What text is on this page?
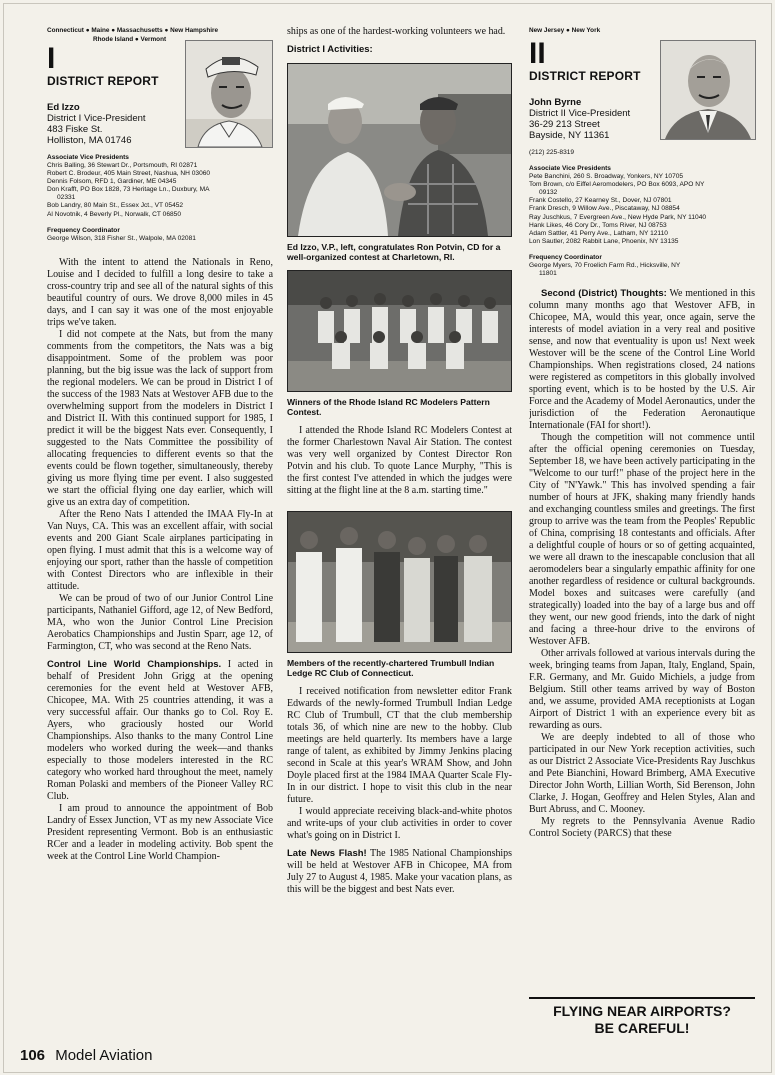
Connecticut ● Maine ● Massachusetts ● New Hampshire
Rhode Island ● Vermont
I
DISTRICT REPORT
Ed Izzo
District I Vice-President
483 Fiske St.
Holliston, MA 01746
Associate Vice Presidents
Chris Balling, 36 Stewart Dr., Portsmouth, RI 02871
Robert C. Brodeur, 405 Main Street, Nashua, NH 03060
Dennis Folsom, RFD 1, Gardiner, ME 04345
Don Krafft, PO Box 1828, 73 Heritage Ln., Duxbury, MA
02331
Bob Landry, 80 Main St., Essex Jct., VT 05452
Al Novotnik, 4 Beverly Pl., Norwalk, CT 06850
Frequency Coordinator
George Wilson, 318 Fisher St., Walpole, MA 02081

With the intent to attend the Nationals in Reno, Louise and I decided to fulfill a long desire to take a cross-country trip and see all of the natural sights of this beautiful country of ours. We drove 8,000 miles in 45 days, and I can say it was one of the most enjoyable trips we've taken.

I did not compete at the Nats, but from the many comments from the competitors, the Nats was a big disappointment. Some of the problem was poor planning, but the big issue was the lack of support from the regional modelers. We can be proud in District I of the success of the 1983 Nats at Westover AFB due to the overwhelming support from the modelers in District I and District II. With this continued support for 1985, I predict it will be the biggest Nats ever. Consequently, I suggested to the Nats Committee the possibility of allocating frequencies to different events so that the events could be flown together, simultaneously, thereby giving us more flying time per event. I also suggested we start the official flying one day earlier, which will give us an extra day of competition.

After the Reno Nats I attended the IMAA Fly-In at Van Nuys, CA. This was an excellent affair, with social events and 200 Giant Scale airplanes participating in open flying. I must admit that this is a welcome way of enjoying our sport, rather than the hassle of competition with Contest Directors who are inflexible in their attitude.

We can be proud of two of our Junior Control Line participants, Nathaniel Gifford, age 12, of New Bedford, MA, who won the Junior Control Line Precision Aerobatics Championships and Justin Sparr, age 12, of Farmington, CT, who was second at the Reno Nats.

Control Line World Championships. I acted in behalf of President John Grigg at the opening ceremonies for the event held at Westover AFB, Chicopee, MA. With 25 countries attending, it was a very successful affair. Our thanks go to Col. Roy E. Ayers, who graciously hosted our World Championships. Also thanks to the many Control Line modelers who worked during the week—and thanks especially to those modelers interested in the RC category who worked hard throughout the meet, namely Roman Polaski and members of the Pioneer Valley RC Club.

I am proud to announce the appointment of Bob Landry of Essex Junction, VT as my new Associate Vice President representing Vermont. Bob is an enthusiastic RCer and a leader in modeling activity. Bob spent the week at the Control Line World Champion-

ships as one of the hardest-working volunteers we had.

District I Activities:
Ed Izzo, V.P., left, congratulates Ron Potvin, CD for a well-organized contest at Charletown, RI.
Winners of the Rhode Island RC Modelers Pattern Contest.

I attended the Rhode Island RC Modelers Contest at the former Charlestown Naval Air Station. The contest was very well organized by Contest Director Ron Potvin and his club. To quote Lance Murphy, "This is the first contest I've attended in which the judges were sitting at the flight line at the 8 a.m. starting time."

Members of the recently-chartered Trumbull Indian Ledge RC Club of Connecticut.

I received notification from newsletter editor Frank Edwards of the newly-formed Trumbull Indian Ledge RC Club of Trumbull, CT that the club membership totals 36, of which nine are new to the hobby. Club meetings are held quarterly. Its members have a large range of talent, as exhibited by Jimmy Jenkins placing second in Scale at this year's WRAM Show, and John Doyle placed first at the 1984 IMAA Quarter Scale Fly-In in our district. I hope to visit this club in the near future.

I would appreciate receiving black-and-white photos and write-ups of your club activities in order to cover what's going on in District I.

Late News Flash! The 1985 National Championships will be held at Westover AFB in Chicopee, MA from July 27 to August 4, 1985. Make your vacation plans, as this will be the biggest and best Nats ever.

New Jersey ● New York
II
DISTRICT REPORT
John Byrne
District II Vice-President
36-29 213 Street
Bayside, NY 11361
(212) 225-8319
Associate Vice Presidents
Pete Banchini, 260 S. Broadway, Yonkers, NY 10705
Tom Brown, c/o Eiffel Aeromodelers, PO Box 6093, APO NY
09132
Frank Costello, 27 Kearney St., Dover, NJ 07801
Frank Dresch, 9 Willow Ave., Piscataway, NJ 08854
Ray Juschkus, 7 Evergreen Ave., New Hyde Park, NY 11040
Hank Likes, 46 Cory Dr., Toms River, NJ 08753
Adam Sattler, 41 Perry Ave., Latham, NY 12110
Lon Sautler, 2082 Rabbit Lane, Phoenix, NY 13135
Frequency Coordinator
George Myers, 70 Froelich Farm Rd., Hicksville, NY
11801

Second (District) Thoughts: We mentioned in this column many months ago that Westover AFB, in Chicopee, MA, would this year, once again, serve the interests of model aviation in a very real and positive sense, and now that eventuality is upon us! Next week Westover will be the scene of the Control Line World Championships. When registrations closed, 24 nations were registered as competitors in this globally involved sporting event, which is to be hosted by the U.S. Air Force and the Academy of Model Aeronautics, under the jurisdiction of the Federation Aeronautique Internationale (FAI for short!).

Though the competition will not commence until after the official opening ceremonies on Tuesday, September 18, we have been actively participating in the "Welcome to our turf!" phase of the project here in the City of "N'Yawk." This has involved spending a fair number of hours at JFK, shaking many friendly hands and exchanging countless smiles and greetings. The first group to arrive was the team from the Peoples' Republic of China, comprising 18 contestants and officials. After a delightful couple of hours or so of getting acquainted, we were all drawn to the inescapable conclusion that all aeromodelers bear a singularly empathic affinity for one another regardless of residence or cultural backgrounds. Model boxes and suitcases were carefully (and strategically) loaded into the bay of a large bus and off they went, our new good friends, into the dark of night and facing a three-hour drive to the environs of Westover AFB.

Other arrivals followed at various intervals during the week, bringing teams from Japan, Italy, England, Spain, F.R. Germany, and Mr. Guido Michiels, a judge from Belgium. Still other teams arrived by way of Boston and, we assume, provided AMA receptionists at Logan Airport of District 1 with an experience every bit as rewarding as ours.

We are deeply indebted to all of those who participated in our New York reception activities, such as our District 2 Associate Vice-Presidents Ray Juschkus and Pete Bianchini, Howard Brimberg, AMA Executive Director John Worth, Lillian Worth, Sid Berenson, John Clarke, J. Hogan, Geoffrey and Helen Styles, Alan and Burt Abruss, and C. Mooney.

My regrets to the Pennsylvania Avenue Radio Control Society (PARCS) that these

FLYING NEAR AIRPORTS?
BE CAREFUL!
106 Model Aviation
